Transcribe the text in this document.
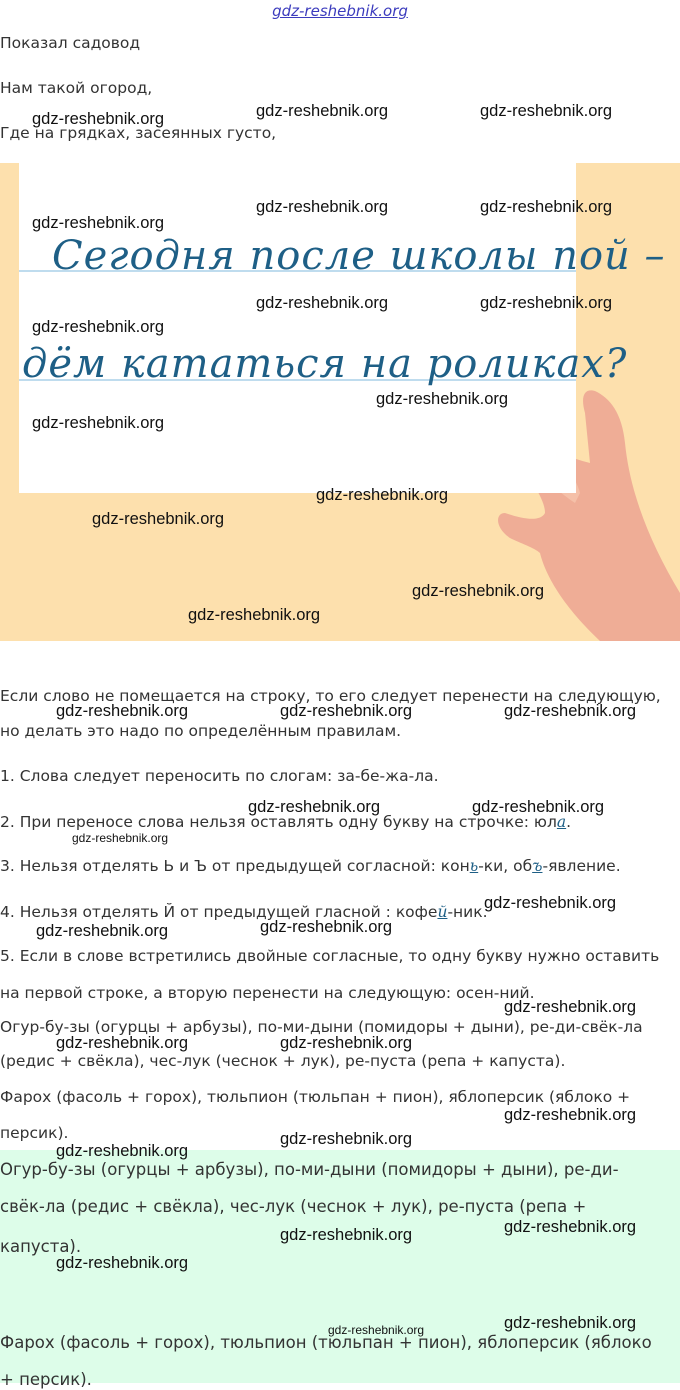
gdz-reshebnik.org

Показал садовод

Нам такой огород,

Где на грядках, засеянных густо,

Сегодня после школы пой –
дём кататься на роликах?

Если слово не помещается на строку, то его следует перенести на следующую,

но делать это надо по определённым правилам.

1. Слова следует переносить по слогам: за-бе-жа-ла.

2. При переносе слова нельзя оставлять одну букву на строчке: юла.

3. Нельзя отделять Ь и Ъ от предыдущей согласной: конь-ки, объ-явление.

4. Нельзя отделять Й от предыдущей гласной : кофей-ник.

5. Если в слове встретились двойные согласные, то одну букву нужно оставить

на первой строке, а вторую перенести на следующую: осен-ний.

Огур-бу-зы (огурцы + арбузы), по-ми-дыни (помидоры + дыни), ре-ди-свёк-ла

(редис + свёкла), чес-лук (чеснок + лук), ре-пуста (репа + капуста).

Фарох (фасоль + горох), тюльпион (тюльпан + пион), яблоперсик (яблоко +

персик).

Огур-бу-зы (огурцы + арбузы), по-ми-дыни (помидоры + дыни), ре-ди-

свёк-ла (редис + свёкла), чес-лук (чеснок + лук), ре-пуста (репа +

капуста).

Фарох (фасоль + горох), тюльпион (тюльпан + пион), яблоперсик (яблоко

+ персик).

gdz-reshebnik.org	gdz-reshebnik.org	gdz-reshebnik.org
gdz-reshebnik.org
gdz-reshebnik.org	gdz-reshebnik.org
gdz-reshebnik.org	gdz-reshebnik.org
gdz-reshebnik.org
gdz-reshebnik.org
gdz-reshebnik.org
gdz-reshebnik.org
gdz-reshebnik.org
gdz-reshebnik.org
gdz-reshebnik.org
gdz-reshebnik.org	gdz-reshebnik.org	gdz-reshebnik.org
gdz-reshebnik.org	gdz-reshebnik.org
gdz-reshebnik.org
gdz-reshebnik.org
gdz-reshebnik.org	gdz-reshebnik.org
gdz-reshebnik.org
gdz-reshebnik.org	gdz-reshebnik.org
gdz-reshebnik.org
gdz-reshebnik.org
gdz-reshebnik.org
gdz-reshebnik.org
gdz-reshebnik.org
gdz-reshebnik.org
gdz-reshebnik.org
gdz-reshebnik.org
